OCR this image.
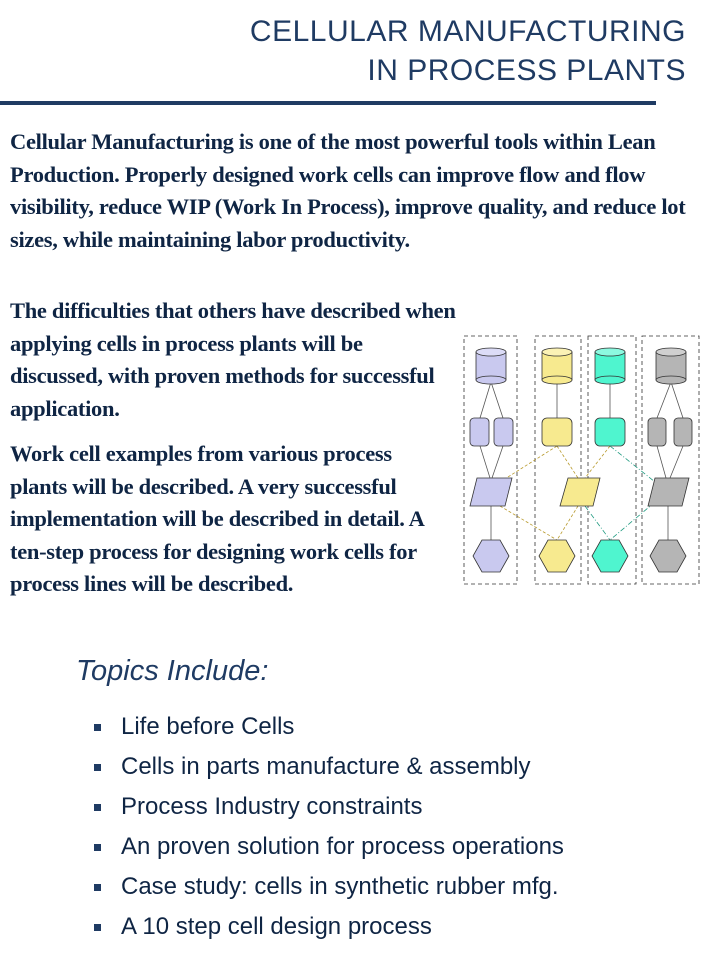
CELLULAR MANUFACTURING
IN PROCESS PLANTS

Cellular Manufacturing is one of the most powerful tools within Lean Production. Properly designed work cells can improve flow and flow visibility, reduce WIP (Work In Process), improve quality, and reduce lot sizes, while maintaining labor productivity.

The difficulties that others have described when applying cells in process plants will be discussed, with proven methods for successful application.

Work cell examples from various process plants will be described. A very successful implementation will be described in detail. A ten-step process for designing work cells for process lines will be described.

Topics Include:
Life before Cells
Cells in parts manufacture & assembly
Process Industry constraints
An proven solution for process operations
Case study: cells in synthetic rubber mfg.
A 10 step cell design process
